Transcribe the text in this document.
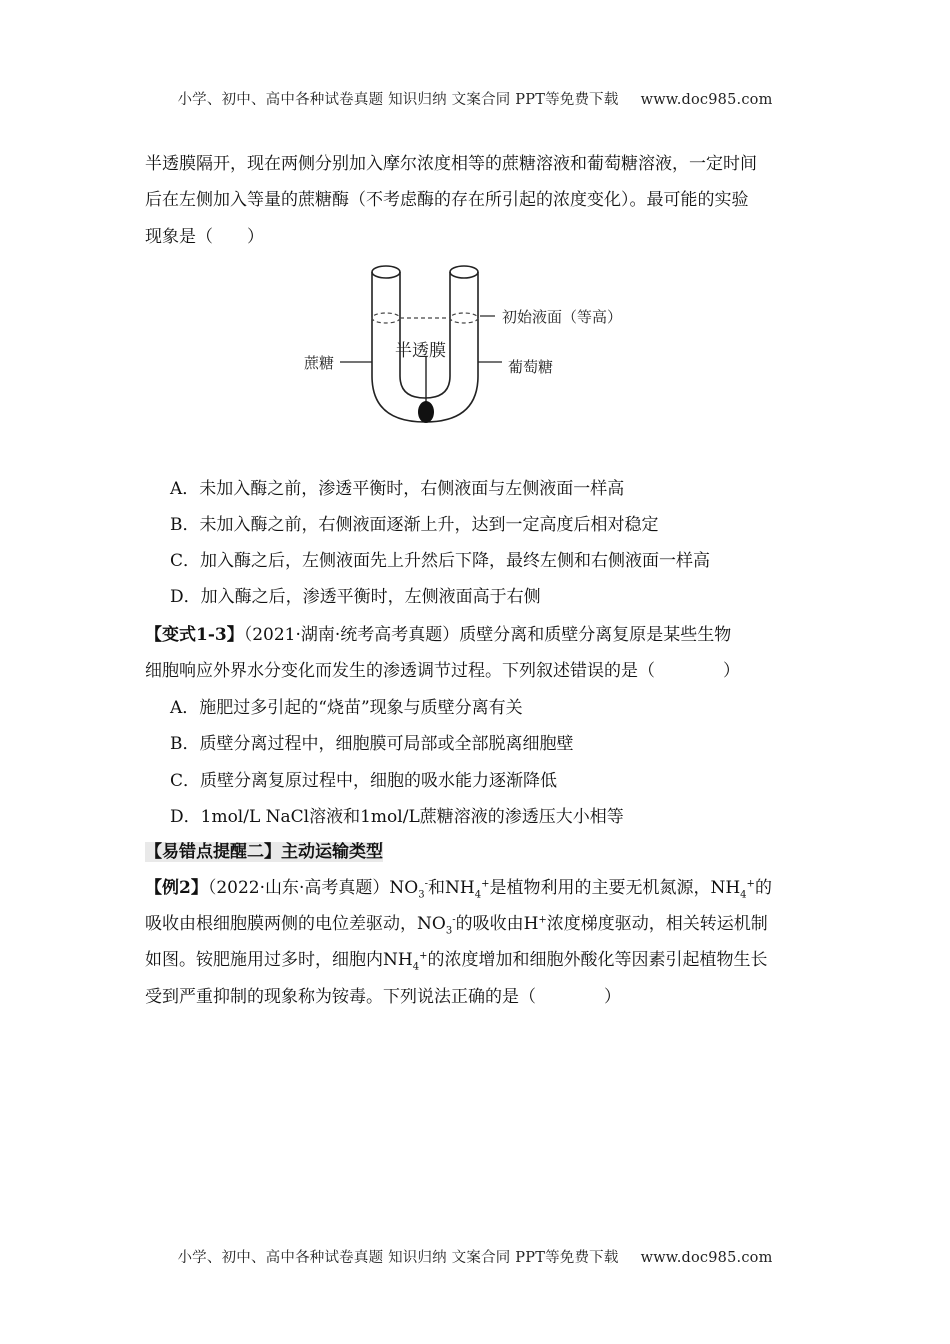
小学、初中、高中各种试卷真题 知识归纳 文案合同 PPT等免费下载 www.doc985.com
半透膜隔开，现在两侧分别加入摩尔浓度相等的蔗糖溶液和葡萄糖溶液，一定时间
后在左侧加入等量的蔗糖酶（不考虑酶的存在所引起的浓度变化）。最可能的实验
现象是（　　）
初始液面（等高）
半透膜
蔗糖	葡萄糖
A．未加入酶之前，渗透平衡时，右侧液面与左侧液面一样高
B．未加入酶之前，右侧液面逐渐上升，达到一定高度后相对稳定
C．加入酶之后，左侧液面先上升然后下降，最终左侧和右侧液面一样高
D．加入酶之后，渗透平衡时，左侧液面高于右侧
【变式1-3】（2021·湖南·统考高考真题）质壁分离和质壁分离复原是某些生物
细胞响应外界水分变化而发生的渗透调节过程。下列叙述错误的是（　　　　）
A．施肥过多引起的“烧苗”现象与质壁分离有关
B．质壁分离过程中，细胞膜可局部或全部脱离细胞壁
C．质壁分离复原过程中，细胞的吸水能力逐渐降低
D．1mol/L NaCl溶液和1mol/L蔗糖溶液的渗透压大小相等
【易错点提醒二】主动运输类型
【例2】（2022·山东·高考真题）$NO_3^-$和$NH_4^+$是植物利用的主要无机氮源，$NH_4^+$的
吸收由根细胞膜两侧的电位差驱动，$NO_3^-$的吸收由H+浓度梯度驱动，相关转运机制
如图。铵肥施用过多时，细胞内$NH_4^+$的浓度增加和细胞外酸化等因素引起植物生长
受到严重抑制的现象称为铵毒。下列说法正确的是（　　　　）
小学、初中、高中各种试卷真题 知识归纳 文案合同 PPT等免费下载 www.doc985.com
